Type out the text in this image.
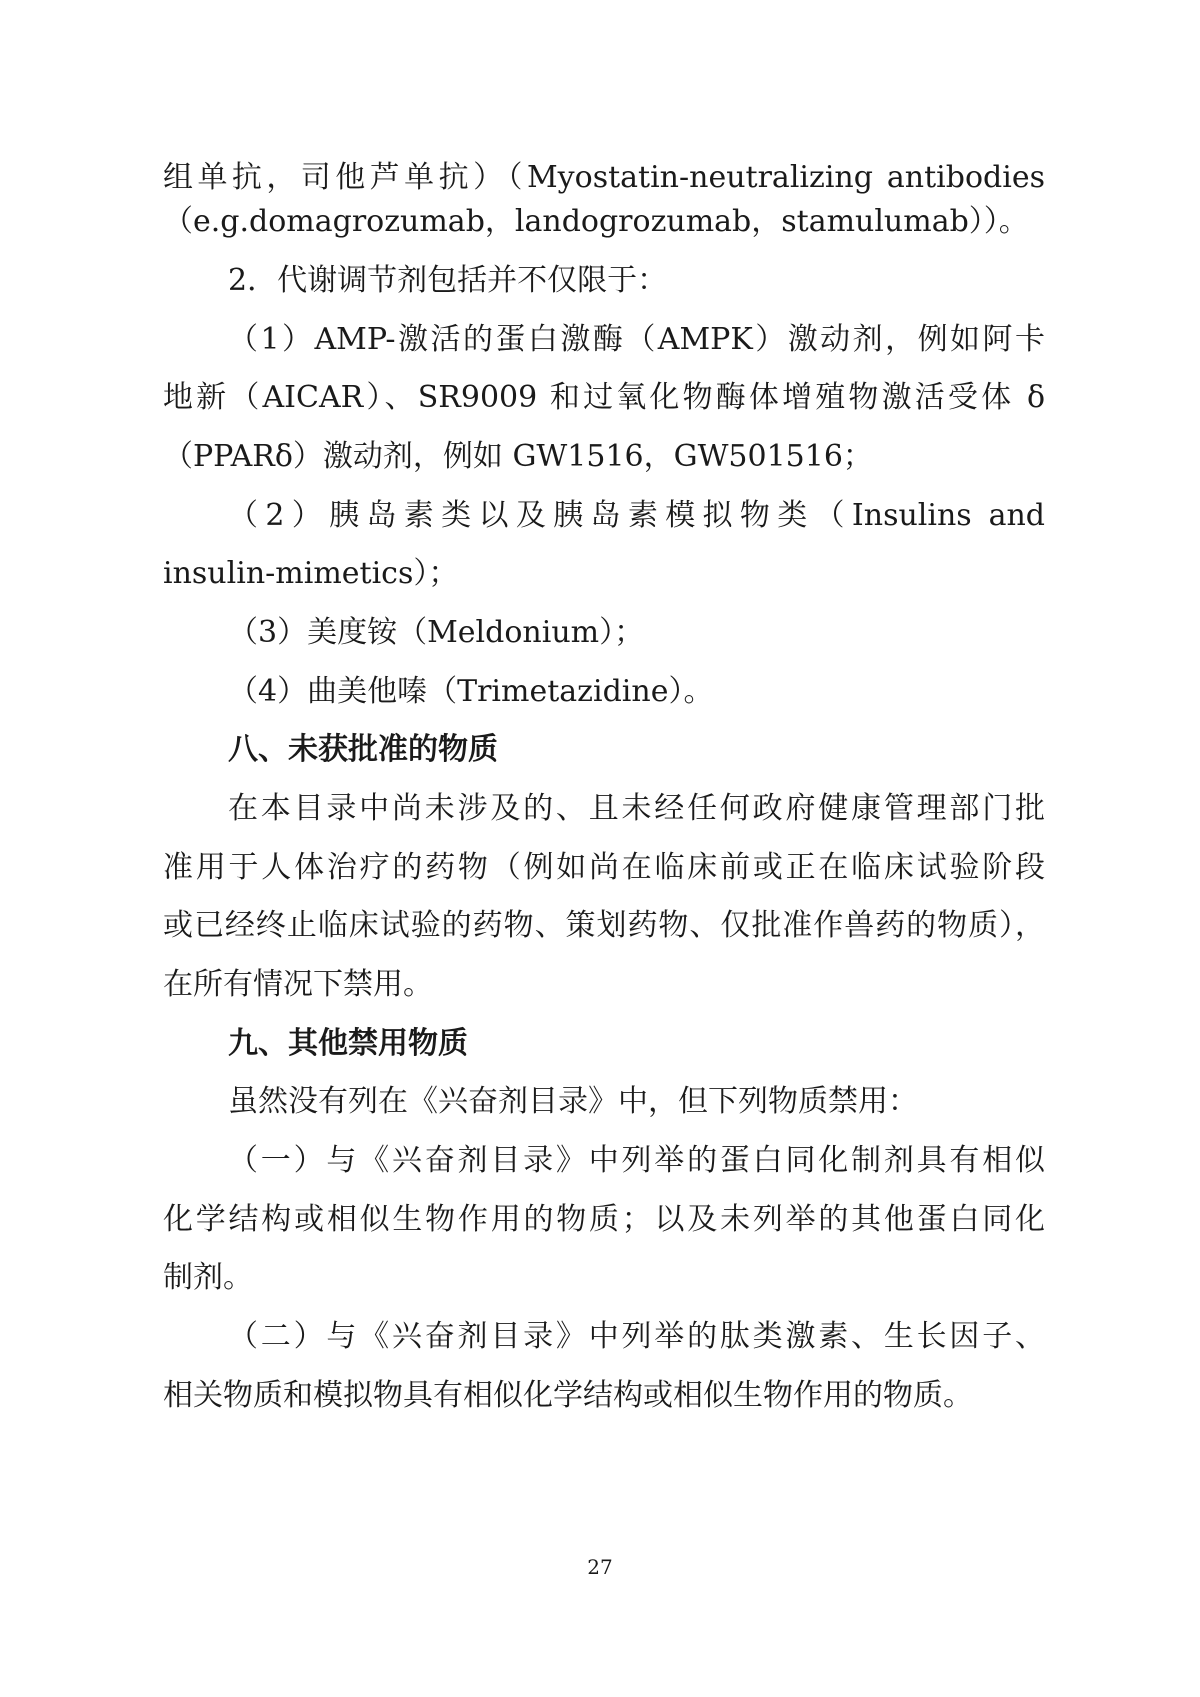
组单抗，司他芦单抗）（Myostatin-neutralizing antibodies
（e.g.domagrozumab，landogrozumab，stamulumab））。
2．代谢调节剂包括并不仅限于：
（1）AMP-激活的蛋白激酶（AMPK）激动剂，例如阿卡
地新（AICAR）、SR9009 和过氧化物酶体增殖物激活受体 δ
（PPARδ）激动剂，例如 GW1516，GW501516；
（2）胰岛素类以及胰岛素模拟物类（Insulins and
insulin-mimetics）；
（3）美度铵（Meldonium）；
（4）曲美他嗪（Trimetazidine）。
八、未获批准的物质
在本目录中尚未涉及的、且未经任何政府健康管理部门批
准用于人体治疗的药物（例如尚在临床前或正在临床试验阶段
或已经终止临床试验的药物、策划药物、仅批准作兽药的物质），
在所有情况下禁用。
九、其他禁用物质
虽然没有列在《兴奋剂目录》中，但下列物质禁用：
（一）与《兴奋剂目录》中列举的蛋白同化制剂具有相似
化学结构或相似生物作用的物质；以及未列举的其他蛋白同化
制剂。
（二）与《兴奋剂目录》中列举的肽类激素、生长因子、
相关物质和模拟物具有相似化学结构或相似生物作用的物质。
27
